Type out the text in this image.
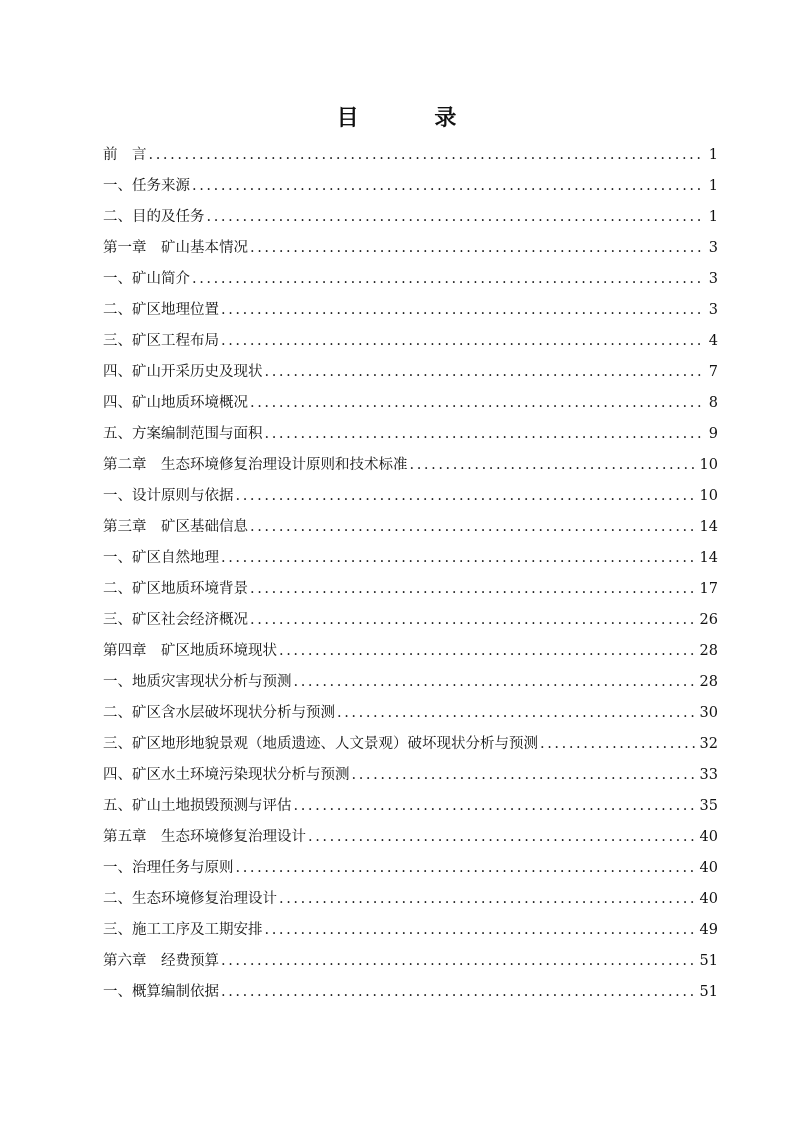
目 录
前　言 .....	1
一、任务来源 .....	1
二、目的及任务 .....	1
第一章　矿山基本情况 .....	3
一、矿山简介 .....	3
二、矿区地理位置 .....	3
三、矿区工程布局 .....	4
四、矿山开采历史及现状 .....	7
四、矿山地质环境概况 .....	8
五、方案编制范围与面积 .....	9
第二章　生态环境修复治理设计原则和技术标准 .....	10
一、设计原则与依据 .....	10
第三章　矿区基础信息 .....	14
一、矿区自然地理 .....	14
二、矿区地质环境背景 .....	17
三、矿区社会经济概况 .....	26
第四章　矿区地质环境现状 .....	28
一、地质灾害现状分析与预测 .....	28
二、矿区含水层破坏现状分析与预测 .....	30
三、矿区地形地貌景观（地质遗迹、人文景观）破坏现状分析与预测 .....	32
四、矿区水土环境污染现状分析与预测 .....	33
五、矿山土地损毁预测与评估 .....	35
第五章　生态环境修复治理设计 .....	40
一、治理任务与原则 .....	40
二、生态环境修复治理设计 .....	40
三、施工工序及工期安排 .....	49
第六章　经费预算 .....	51
一、概算编制依据 .....	51
